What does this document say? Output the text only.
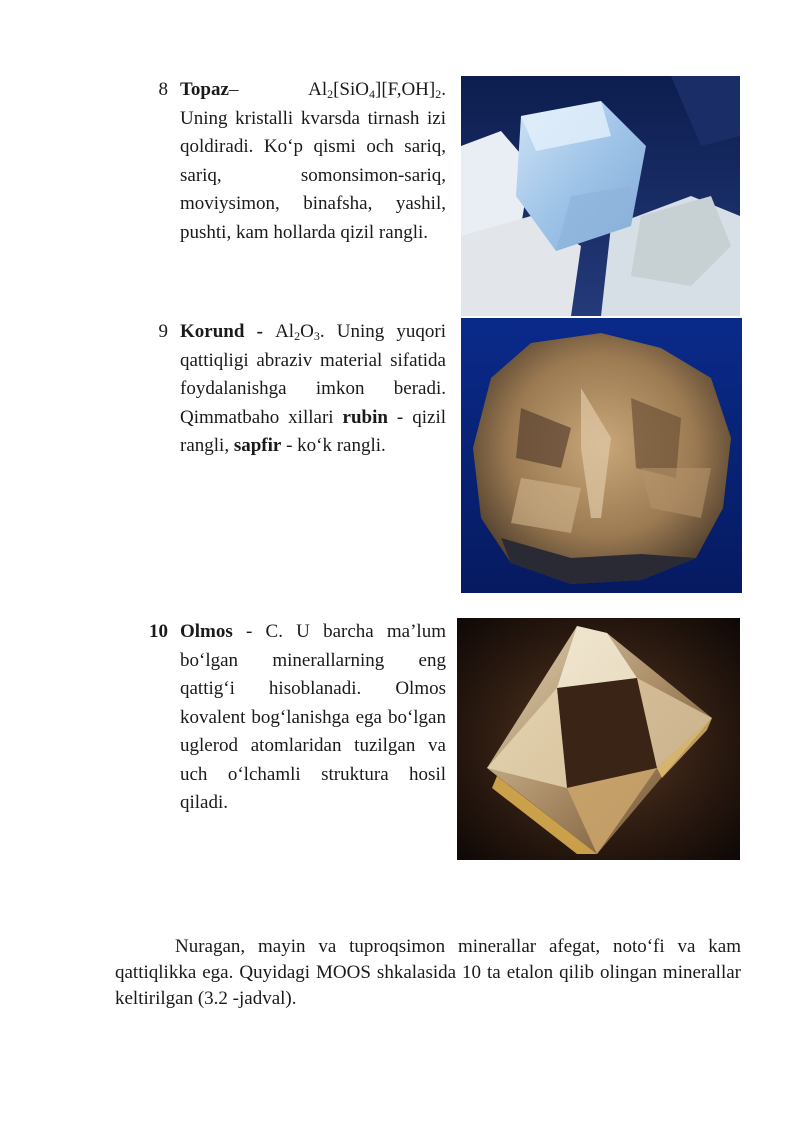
8 Topaz–	$Al_2[SiO_4][F,OH]_2$. Uning kristalli kvarsda tirnash izi qoldiradi. Koʻp qismi och sariq, sariq, somonsimon-sariq, moviysimon, binafsha, yashil, pushti, kam hollarda qizil rangli.
9 Korund - $Al_2O_3$. Uning yuqori qattiqligi abraziv material sifatida foydalanishga imkon beradi. Qimmatbaho xillari rubin - qizil rangli, sapfir - koʻk rangli.
10 Olmos - C. U barcha maʼlum boʻlgan minerallarning eng qattigʻi hisoblanadi. Olmos kovalent bogʻlanishga ega boʻlgan uglerod atomlaridan tuzilgan va uch oʻlchamli struktura hosil qiladi.
Nuragan, mayin va tuproqsimon minerallar afegat, notoʻfi va kam qattiqlikka ega. Quyidagi MOOS shkalasida 10 ta etalon qilib olingan minerallar keltirilgan (3.2 -jadval).
